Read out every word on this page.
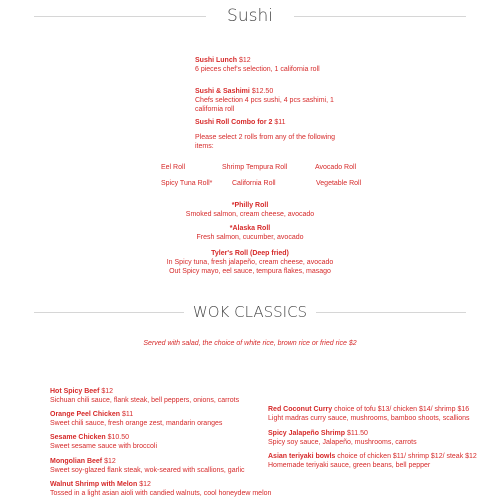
Sushi
Sushi Lunch $12
6 pieces chef's selection, 1 california roll
Sushi & Sashimi $12.50
Chefs selection 4 pcs sushi, 4 pcs sashimi, 1
california roll
Sushi Roll Combo for 2 $11
Please select 2 rolls from any of the following
items:
Eel Roll	Shrimp Tempura Roll	Avocado Roll
Spicy Tuna Roll*	California Roll	Vegetable Roll
*Philly Roll
Smoked salmon, cream cheese, avocado
*Alaska Roll
Fresh salmon, cucumber, avocado
Tyler's Roll (Deep fried)
In Spicy tuna, fresh jalapeño, cream cheese, avocado
Out Spicy mayo, eel sauce, tempura flakes, masago
WOK CLASSICS
Served with salad, the choice of white rice, brown rice or fried rice $2
Hot Spicy Beef $12
Sichuan chili sauce, flank steak, bell peppers, onions, carrots
Orange Peel Chicken $11
Sweet chili sauce, fresh orange zest, mandarin oranges
Sesame Chicken $10.50
Sweet sesame sauce with broccoli
Mongolian Beef $12
Sweet soy-glazed flank steak, wok-seared with scallions, garlic
Walnut Shrimp with Melon $12
Tossed in a light asian aioli with candied walnuts, cool honeydew melon
Red Coconut Curry choice of tofu $13/ chicken $14/ shrimp $16
Light madras curry sauce, mushrooms, bamboo shoots, scallions
Spicy Jalapeño Shrimp $11.50
Spicy soy sauce, Jalapeño, mushrooms, carrots
Asian teriyaki bowls choice of chicken $11/ shrimp $12/ steak $12
Homemade teriyaki sauce, green beans, bell pepper
